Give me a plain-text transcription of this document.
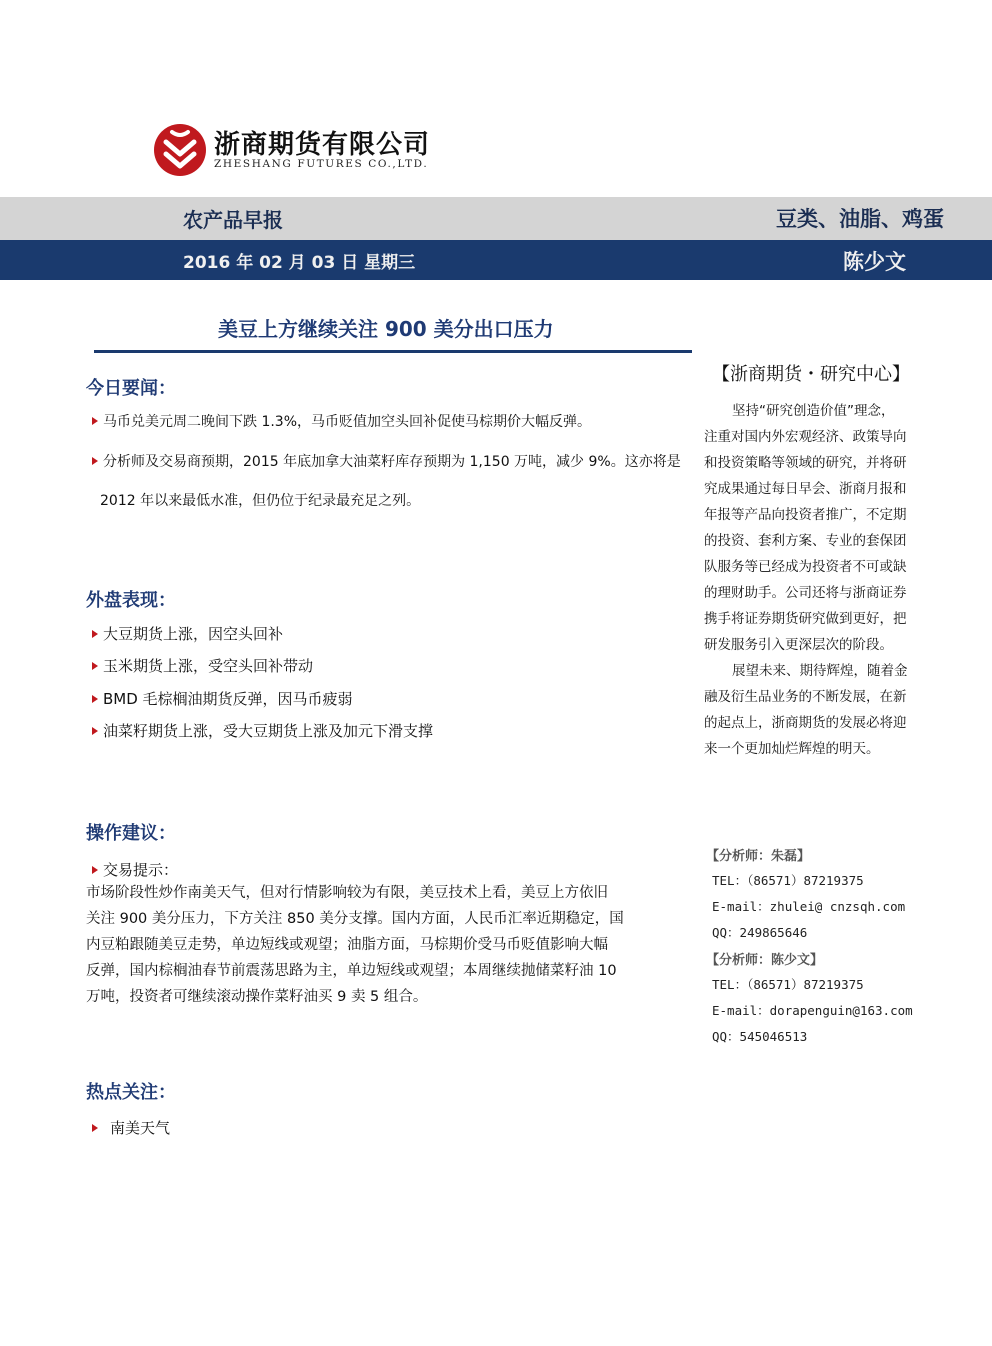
浙商期货有限公司
ZHESHANG FUTURES CO.,LTD.
农产品早报	豆类、油脂、鸡蛋
2016 年 02 月 03 日 星期三	陈少文
美豆上方继续关注 900 美分出口压力
今日要闻：
马币兑美元周二晚间下跌 1.3%，马币贬值加空头回补促使马棕期价大幅反弹。
分析师及交易商预期，2015 年底加拿大油菜籽库存预期为 1,150 万吨，减少 9%。这亦将是
2012 年以来最低水准，但仍位于纪录最充足之列。
外盘表现：
大豆期货上涨，因空头回补
玉米期货上涨，受空头回补带动
BMD 毛棕榈油期货反弹，因马币疲弱
油菜籽期货上涨，受大豆期货上涨及加元下滑支撑
操作建议：
交易提示：
市场阶段性炒作南美天气，但对行情影响较为有限，美豆技术上看，美豆上方依旧
关注 900 美分压力，下方关注 850 美分支撑。国内方面，人民币汇率近期稳定，国
内豆粕跟随美豆走势，单边短线或观望；油脂方面，马棕期价受马币贬值影响大幅
反弹，国内棕榈油春节前震荡思路为主，单边短线或观望；本周继续抛储菜籽油 10
万吨，投资者可继续滚动操作菜籽油买 9 卖 5 组合。
热点关注：
南美天气
【浙商期货・研究中心】
坚持“研究创造价值”理念，
注重对国内外宏观经济、政策导向
和投资策略等领域的研究，并将研
究成果通过每日早会、浙商月报和
年报等产品向投资者推广，不定期
的投资、套利方案、专业的套保团
队服务等已经成为投资者不可或缺
的理财助手。公司还将与浙商证券
携手将证券期货研究做到更好，把
研发服务引入更深层次的阶段。
展望未来、期待辉煌，随着金
融及衍生品业务的不断发展，在新
的起点上，浙商期货的发展必将迎
来一个更加灿烂辉煌的明天。
【分析师：朱磊】
TEL：（86571）87219375
E-mail：zhulei@ cnzsqh.com
QQ：249865646
【分析师：陈少文】
TEL：（86571）87219375
E-mail：dorapenguin@163.com
QQ：545046513
